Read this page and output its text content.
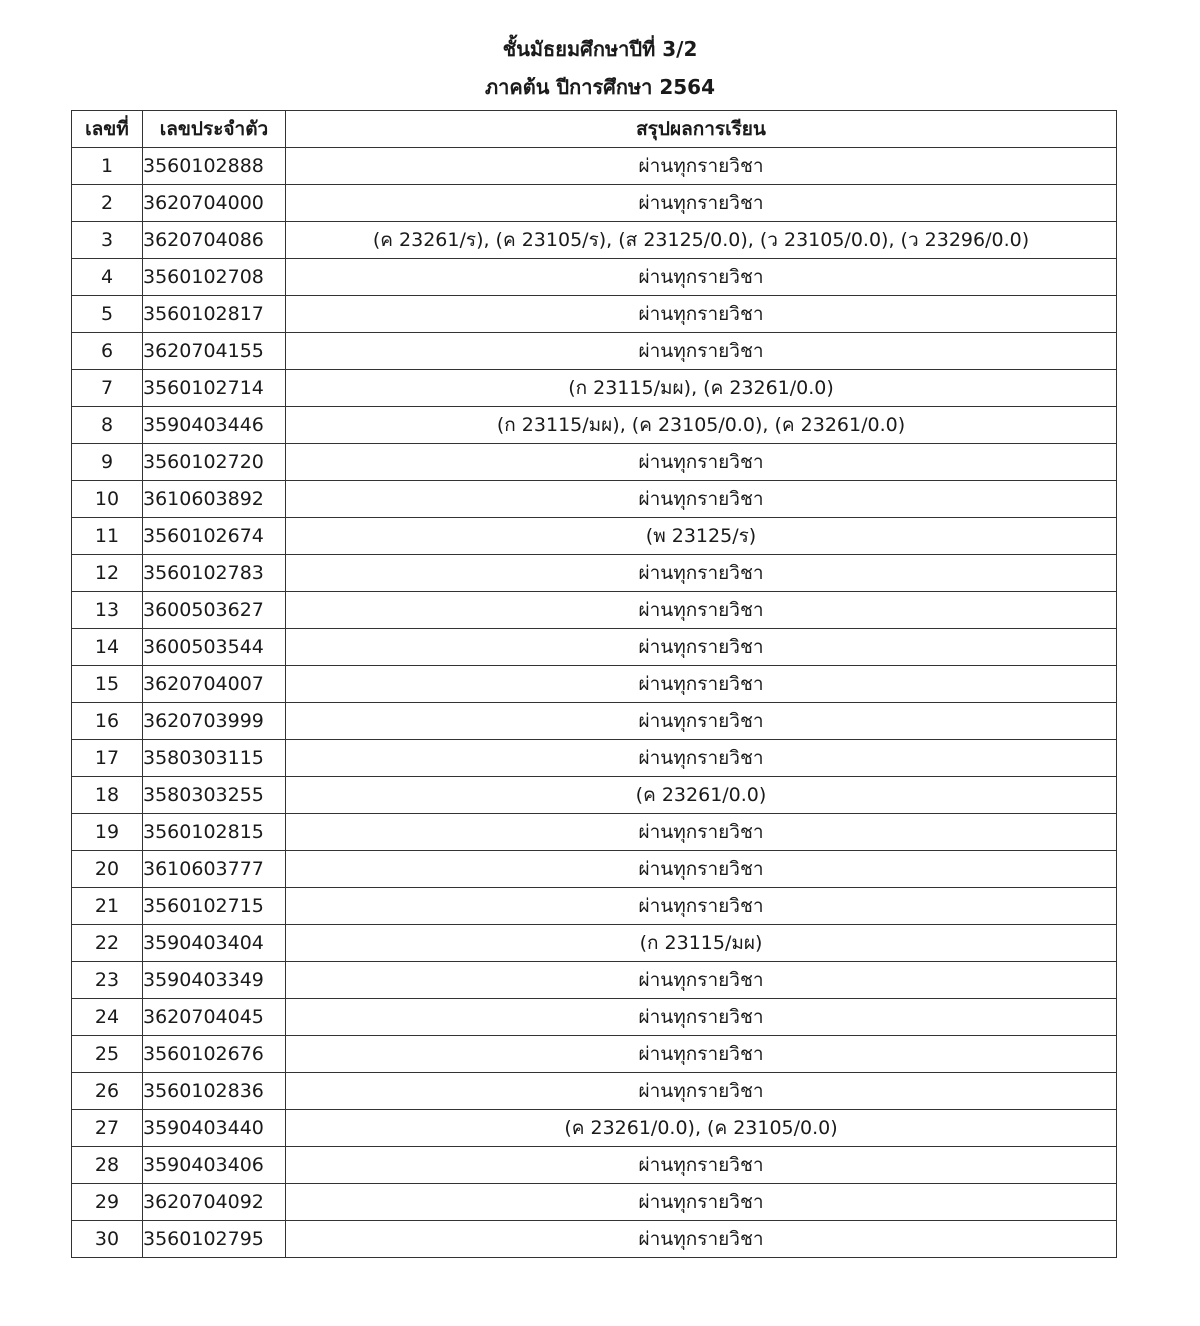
ชั้นมัธยมศึกษาปีที่ 3/2
ภาคต้น ปีการศึกษา 2564
เลขที่	เลขประจำตัว	สรุปผลการเรียน
1	3560102888	ผ่านทุกรายวิชา
2	3620704000	ผ่านทุกรายวิชา
3	3620704086	(ค 23261/ร), (ค 23105/ร), (ส 23125/0.0), (ว 23105/0.0), (ว 23296/0.0)
4	3560102708	ผ่านทุกรายวิชา
5	3560102817	ผ่านทุกรายวิชา
6	3620704155	ผ่านทุกรายวิชา
7	3560102714	(ก 23115/มผ), (ค 23261/0.0)
8	3590403446	(ก 23115/มผ), (ค 23105/0.0), (ค 23261/0.0)
9	3560102720	ผ่านทุกรายวิชา
10	3610603892	ผ่านทุกรายวิชา
11	3560102674	(พ 23125/ร)
12	3560102783	ผ่านทุกรายวิชา
13	3600503627	ผ่านทุกรายวิชา
14	3600503544	ผ่านทุกรายวิชา
15	3620704007	ผ่านทุกรายวิชา
16	3620703999	ผ่านทุกรายวิชา
17	3580303115	ผ่านทุกรายวิชา
18	3580303255	(ค 23261/0.0)
19	3560102815	ผ่านทุกรายวิชา
20	3610603777	ผ่านทุกรายวิชา
21	3560102715	ผ่านทุกรายวิชา
22	3590403404	(ก 23115/มผ)
23	3590403349	ผ่านทุกรายวิชา
24	3620704045	ผ่านทุกรายวิชา
25	3560102676	ผ่านทุกรายวิชา
26	3560102836	ผ่านทุกรายวิชา
27	3590403440	(ค 23261/0.0), (ค 23105/0.0)
28	3590403406	ผ่านทุกรายวิชา
29	3620704092	ผ่านทุกรายวิชา
30	3560102795	ผ่านทุกรายวิชา
